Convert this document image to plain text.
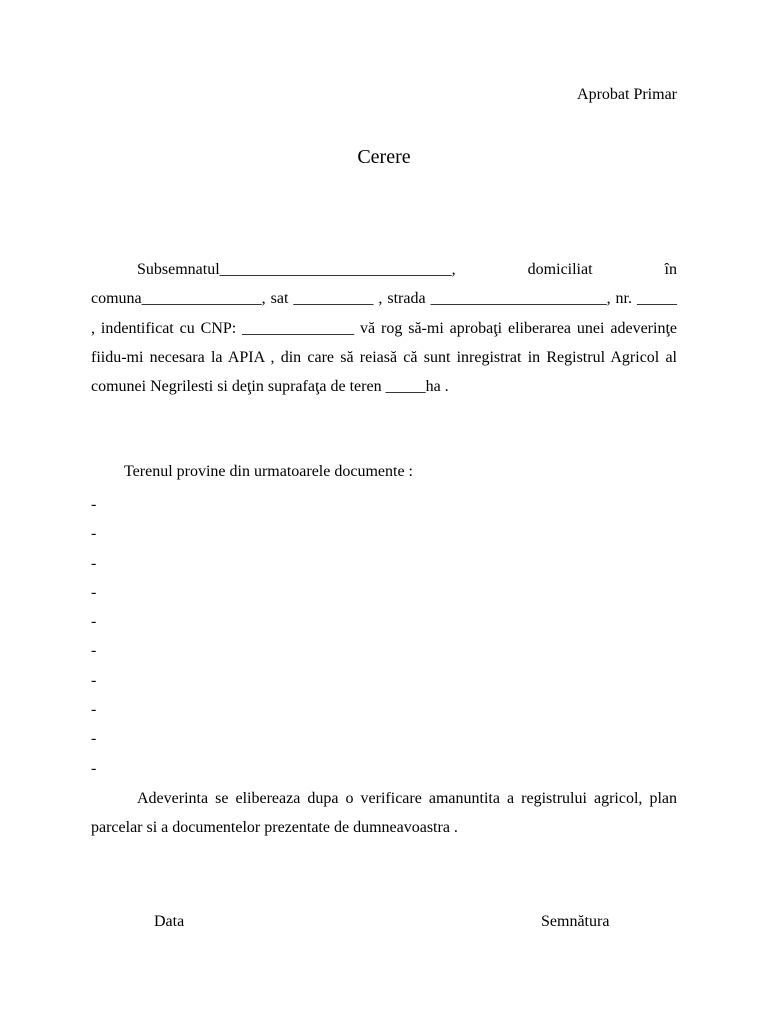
Aprobat Primar
Cerere

Subsemnatul_____________________________, domiciliat în comuna_______________, sat __________ , strada ______________________, nr. _____ , indentificat cu CNP: ______________ vă rog să-mi aprobaţi eliberarea unei adeverinţe fiidu-mi necesara la APIA , din care să reiasă că sunt inregistrat in Registrul Agricol al comunei Negrilesti si deţin suprafaţa de teren _____ha .

Terenul provine din urmatoarele documente :
-
-
-
-
-
-
-
-
-
-

Adeverinta se elibereaza dupa o verificare amanuntita a registrului agricol, plan parcelar si a documentelor prezentate de dumneavoastra .

Data	Semnătura
